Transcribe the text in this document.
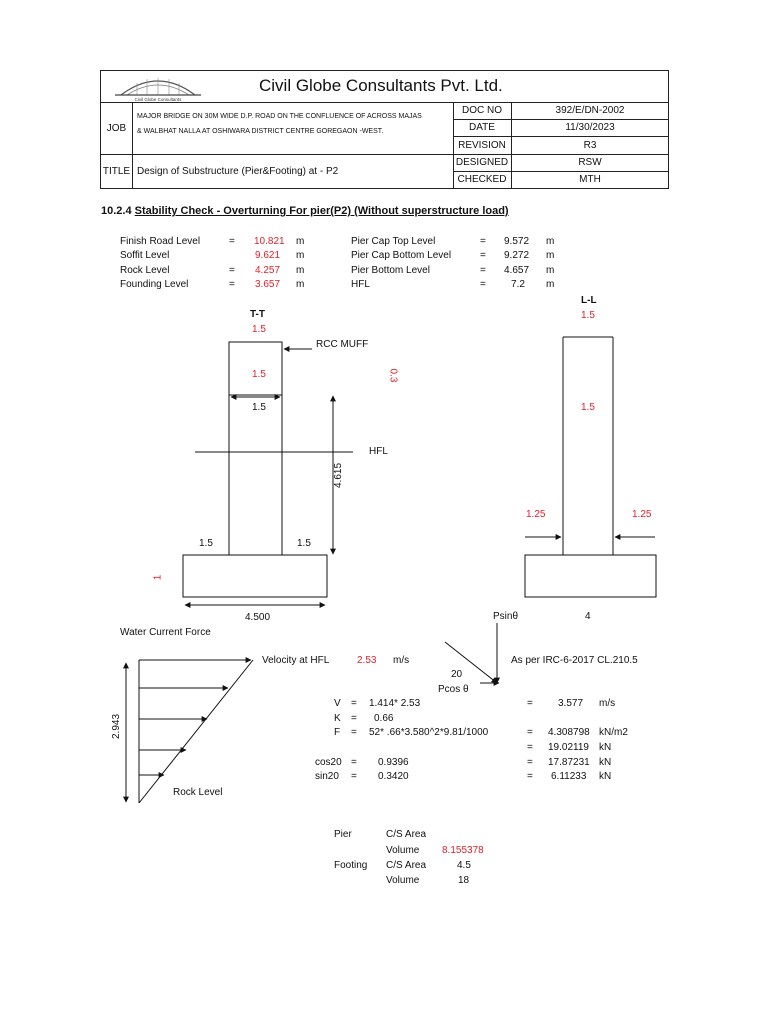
Civil Globe Consultants
Civil Globe Consultants Pvt. Ltd.
JOB
MAJOR BRIDGE ON 30M WIDE D.P. ROAD ON THE CONFLUENCE OF ACROSS MAJAS
& WALBHAT NALLA AT OSHIWARA DISTRICT CENTRE GOREGAON -WEST.
TITLE Design of Substructure (Pier&Footing) at - P2
DOC NO	392/E/DN-2002
DATE	11/30/2023
REVISION	R3
DESIGNED	RSW
CHECKED	MTH
10.2.4 Stability Check - Overturning For pier(P2) (Without superstructure load)
Finish Road Level	= 10.821 m
Soffit Level	9.621 m
Rock Level	= 4.257 m
Founding Level	= 3.657 m
Pier Cap Top Level	= 9.572 m
Pier Cap Bottom Level	= 9.272 m
Pier Bottom Level	= 4.657 m
HFL	=	7.2 m
T-T
1.5
RCC MUFF
1.5	0.3
1.5
HFL
4.615
1.5	1.5
1
4.500
L-L
1.5
1.5
1.25	1.25
Psinθ	4
Water Current Force
Velocity at HFL	2.53 m/s	As per IRC-6-2017 CL.210.5
20
Pcos θ
2.943
Rock Level
V = 1.414* 2.53	=	3.577 m/s
K = 0.66
F = 52* .66*3.580^2*9.81/1000	= 4.308798 kN/m2
= 19.02119 kN
cos20 = 0.9396	= 17.87231 kN
sin20 = 0.3420	= 6.11233 kN
Pier	C/S Area
Volume 8.155378
Footing C/S Area	4.5
Volume	18
